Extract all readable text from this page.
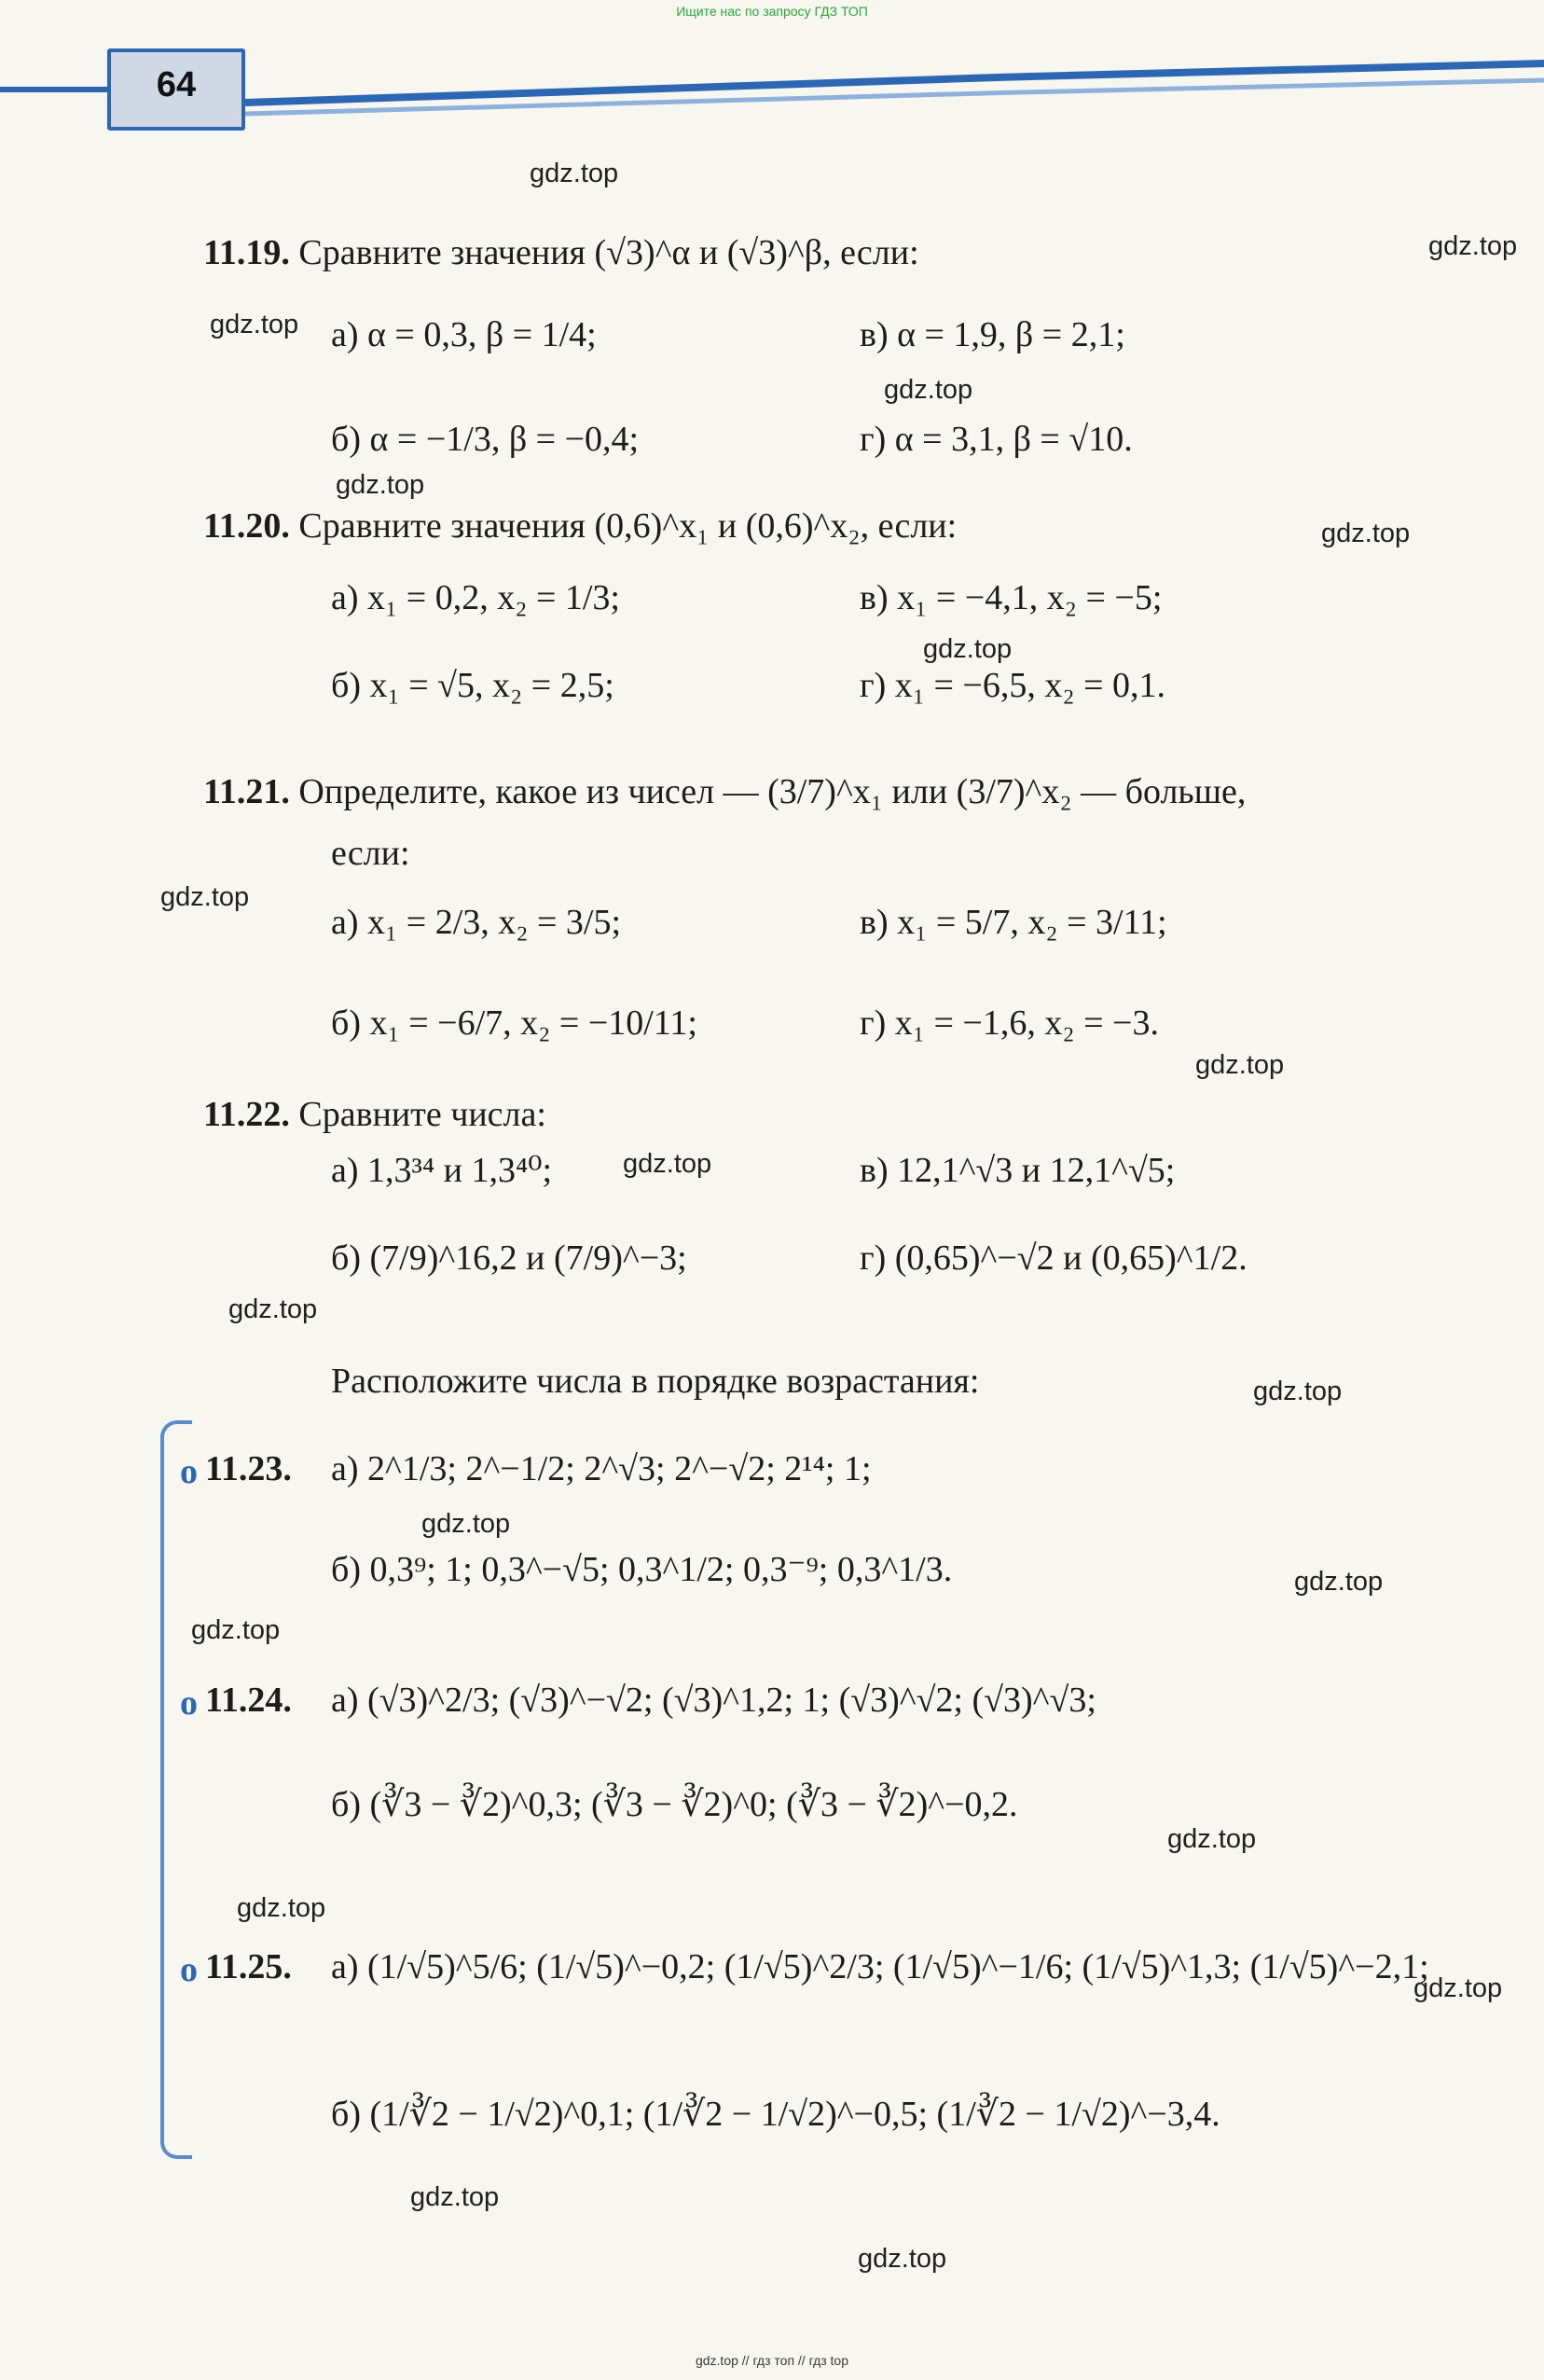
Ищите нас по запросу ГДЗ ТОП
64
11.19. Сравните значения (√3)^α и (√3)^β, если:
а) α = 0,3, β = 1/4;	в) α = 1,9, β = 2,1;
б) α = −1/3, β = −0,4;	г) α = 3,1, β = √10.
11.20. Сравните значения (0,6)^x₁ и (0,6)^x₂, если:
а) x₁ = 0,2, x₂ = 1/3;	в) x₁ = −4,1, x₂ = −5;
б) x₁ = √5, x₂ = 2,5;	г) x₁ = −6,5, x₂ = 0,1.
11.21. Определите, какое из чисел — (3/7)^x₁ или (3/7)^x₂ — больше,
если:
а) x₁ = 2/3, x₂ = 3/5;	в) x₁ = 5/7, x₂ = 3/11;
б) x₁ = −6/7, x₂ = −10/11;	г) x₁ = −1,6, x₂ = −3.
11.22. Сравните числа:
а) 1,3³⁴ и 1,3⁴⁰;	в) 12,1^√3 и 12,1^√5;
б) (7/9)^16,2 и (7/9)^−3;	г) (0,65)^−√2 и (0,65)^1/2.
Расположите числа в порядке возрастания:
o 11.23. а) 2^1/3; 2^−1/2; 2^√3; 2^−√2; 2¹⁴; 1;
б) 0,3⁹; 1; 0,3^−√5; 0,3^1/2; 0,3⁻⁹; 0,3^1/3.
o 11.24. а) (√3)^2/3; (√3)^−√2; (√3)^1,2; 1; (√3)^√2; (√3)^√3;
б) (∛3 − ∛2)^0,3; (∛3 − ∛2)^0; (∛3 − ∛2)^−0,2.
o 11.25. а) (1/√5)^5/6; (1/√5)^−0,2; (1/√5)^2/3; (1/√5)^−1/6; (1/√5)^1,3; (1/√5)^−2,1;
б) (1/∛2 − 1/√2)^0,1; (1/∛2 − 1/√2)^−0,5; (1/∛2 − 1/√2)^−3,4.
gdz.top
gdz.top
gdz.top
gdz.top
gdz.top
gdz.top
gdz.top
gdz.top
gdz.top
gdz.top
gdz.top
gdz.top
gdz.top
gdz.top
gdz.top
gdz.top
gdz.top
gdz.top
gdz.top
gdz.top
gdz.top // гдз топ // гдз top
